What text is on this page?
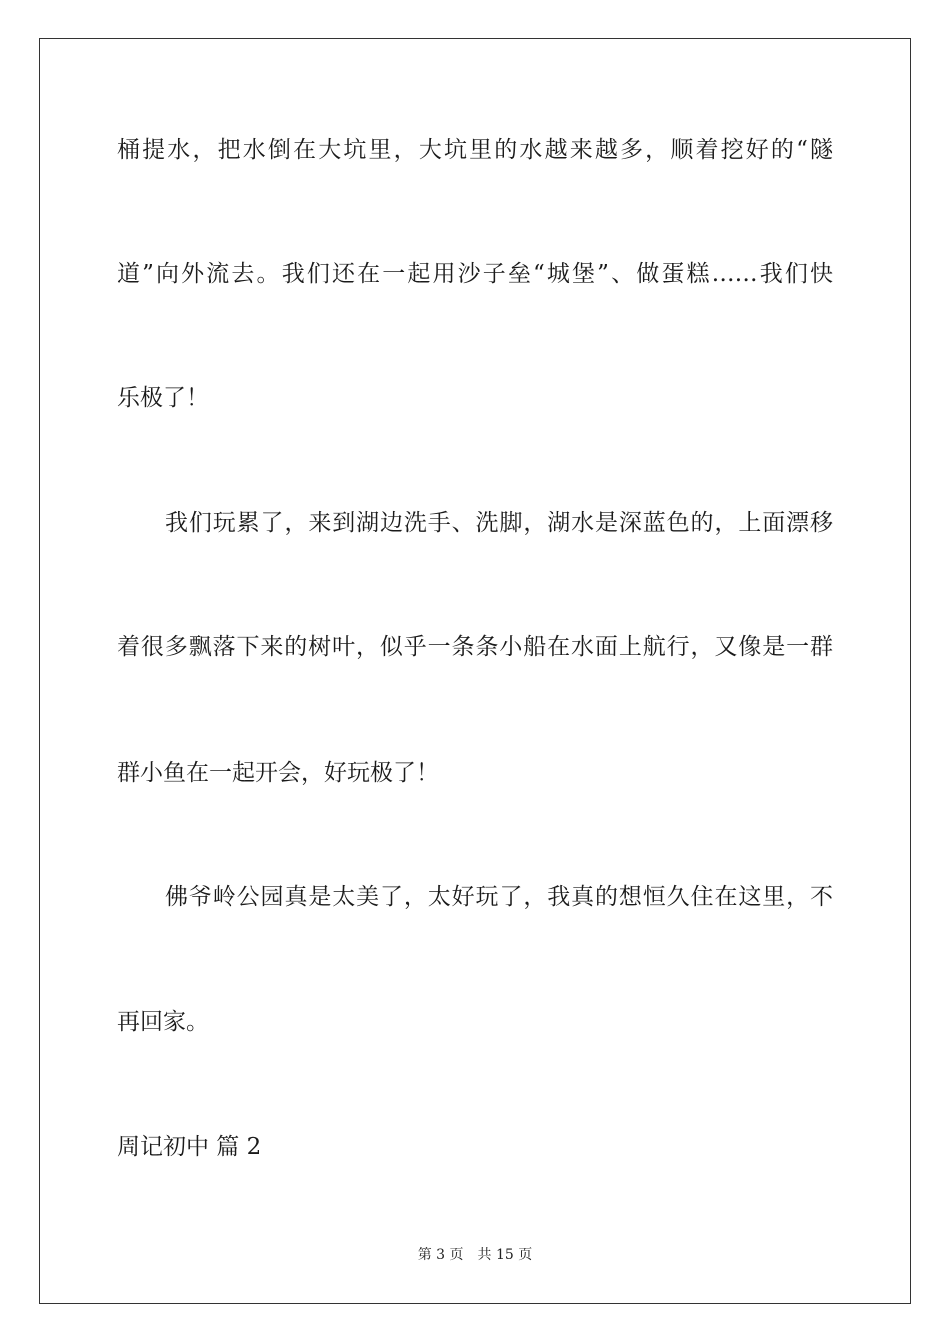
桶提水，把水倒在大坑里，大坑里的水越来越多，顺着挖好的“隧
道”向外流去。我们还在一起用沙子垒“城堡”、做蛋糕……我们快
乐极了！
我们玩累了，来到湖边洗手、洗脚，湖水是深蓝色的，上面漂移
着很多飘落下来的树叶，似乎一条条小船在水面上航行，又像是一群
群小鱼在一起开会，好玩极了！
佛爷岭公园真是太美了，太好玩了，我真的想恒久住在这里，不
再回家。
周记初中 篇 2
第 3 页 共 15 页
